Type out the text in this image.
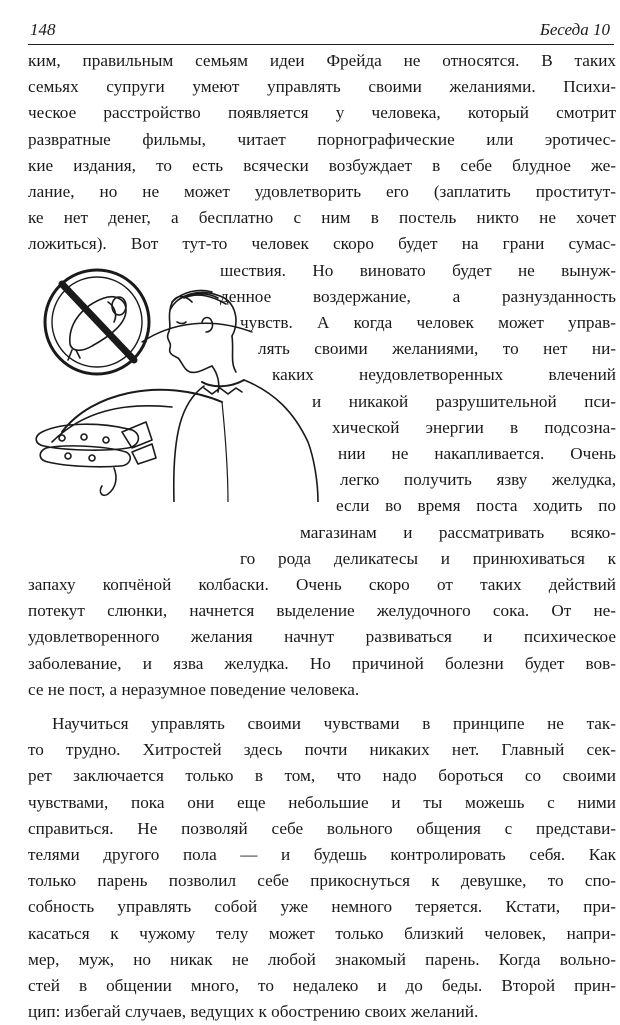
148	Беседа 10
ким, правильным семьям идеи Фрейда не относятся. В таких
семьях супруги умеют управлять своими желаниями. Психи-
ческое расстройство появляется у человека, который смотрит
развратные фильмы, читает порнографические или эротичес-
кие издания, то есть всячески возбуждает в себе блудное же-
лание, но не может удовлетворить его (заплатить проститут-
ке нет денег, а бесплатно с ним в постель никто не хочет
ложиться). Вот тут-то человек скоро будет на грани сумас-
шествия. Но виновато будет не вынуж-
денное воздержание, а разнузданность
чувств. А когда человек может управ-
лять своими желаниями, то нет ни-
каких неудовлетворенных влечений
и никакой разрушительной пси-
хической энергии в подсозна-
нии не накапливается. Очень
легко получить язву желудка,
если во время поста ходить по
магазинам и рассматривать всяко-
го рода деликатесы и принюхиваться к
запаху копчёной колбаски. Очень скоро от таких действий
потекут слюнки, начнется выделение желудочного сока. От не-
удовлетворенного желания начнут развиваться и психическое
заболевание, и язва желудка. Но причиной болезни будет вов-
се не пост, а неразумное поведение человека.
Научиться управлять своими чувствами в принципе не так-
то трудно. Хитростей здесь почти никаких нет. Главный сек-
рет заключается только в том, что надо бороться со своими
чувствами, пока они еще небольшие и ты можешь с ними
справиться. Не позволяй себе вольного общения с представи-
телями другого пола — и будешь контролировать себя. Как
только парень позволил себе прикоснуться к девушке, то спо-
собность управлять собой уже немного теряется. Кстати, при-
касаться к чужому телу может только близкий человек, напри-
мер, муж, но никак не любой знакомый парень. Когда вольно-
стей в общении много, то недалеко и до беды. Второй прин-
цип: избегай случаев, ведущих к обострению своих желаний.
